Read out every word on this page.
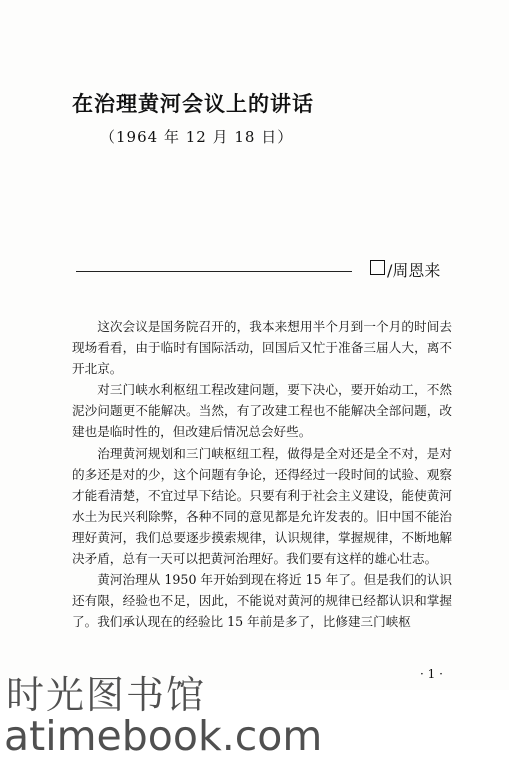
在治理黄河会议上的讲话
（1964 年 12 月 18 日）
/周恩来

这次会议是国务院召开的，我本来想用半个月到一个月的时间去现场看看，由于临时有国际活动，回国后又忙于准备三届人大，离不开北京。

对三门峡水利枢纽工程改建问题，要下决心，要开始动工，不然泥沙问题更不能解决。当然，有了改建工程也不能解决全部问题，改建也是临时性的，但改建后情况总会好些。

治理黄河规划和三门峡枢纽工程，做得是全对还是全不对，是对的多还是对的少，这个问题有争论，还得经过一段时间的试验、观察才能看清楚，不宜过早下结论。只要有利于社会主义建设，能使黄河水土为民兴利除弊，各种不同的意见都是允许发表的。旧中国不能治理好黄河，我们总要逐步摸索规律，认识规律，掌握规律，不断地解决矛盾，总有一天可以把黄河治理好。我们要有这样的雄心壮志。

黄河治理从 1950 年开始到现在将近 15 年了。但是我们的认识还有限，经验也不足，因此，不能说对黄河的规律已经都认识和掌握了。我们承认现在的经验比 15 年前是多了，比修建三门峡枢

· 1 ·
时光图书馆
atimebook.com
